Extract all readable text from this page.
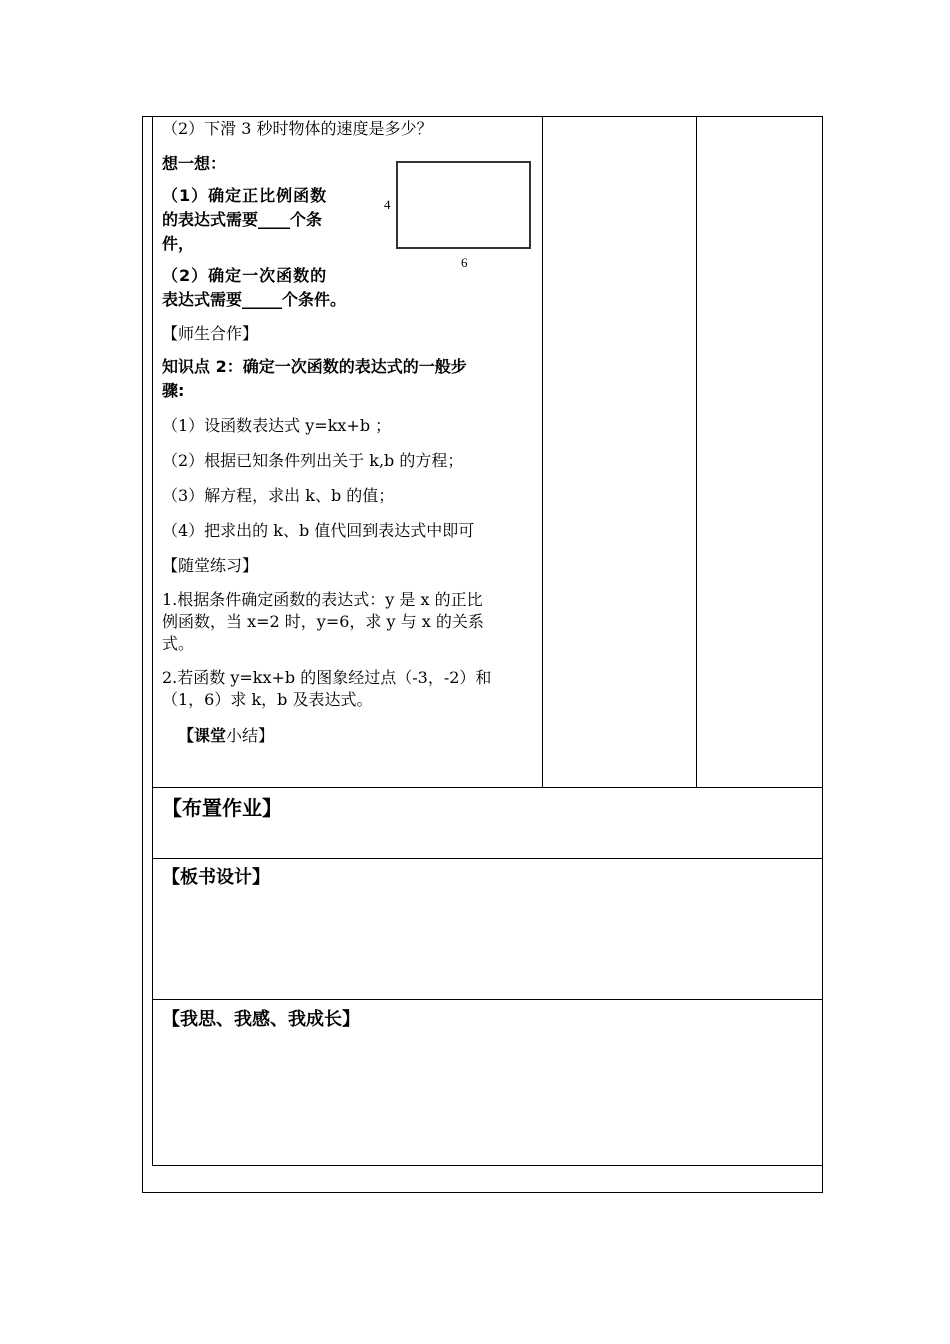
（2）下滑 3 秒时物体的速度是多少？
想一想：
（1）确定正比例函数
的表达式需要____个条
件，
（2）确定一次函数的
表达式需要_____个条件。
4
6
【师生合作】
知识点 2：确定一次函数的表达式的一般步
骤:
（1）设函数表达式 y=kx+b ；
（2）根据已知条件列出关于 k,b 的方程；
（3）解方程，求出 k、b 的值；
（4）把求出的 k、b 值代回到表达式中即可
【随堂练习】
1.根据条件确定函数的表达式：y 是 x 的正比
例函数，当 x=2 时，y=6，求 y 与 x 的关系
式。
2.若函数 y=kx+b 的图象经过点（-3，-2）和
（1，6）求 k，b 及表达式。
【课堂小结】
【布置作业】
【板书设计】
【我思、我感、我成长】
